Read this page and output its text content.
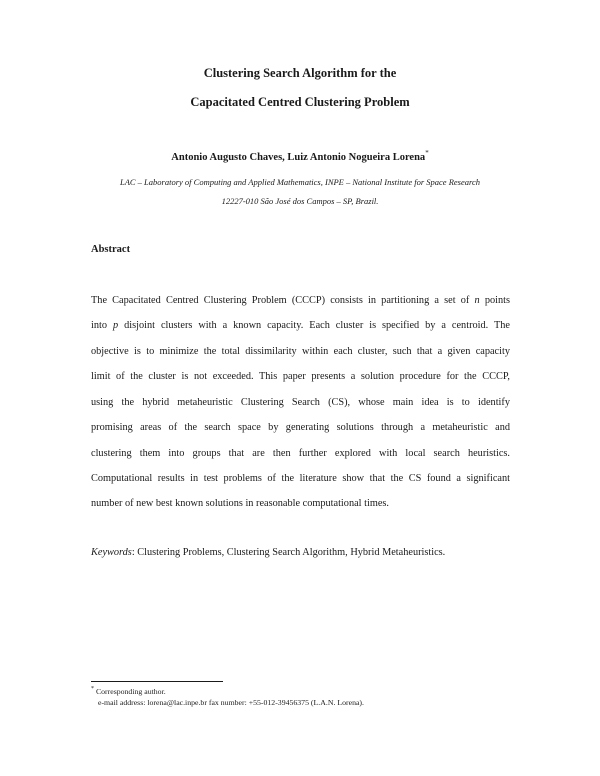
Clustering Search Algorithm for the
Capacitated Centred Clustering Problem
Antonio Augusto Chaves, Luiz Antonio Nogueira Lorena*
LAC – Laboratory of Computing and Applied Mathematics, INPE – National Institute for Space Research
12227-010 São José dos Campos – SP, Brazil.
Abstract
The Capacitated Centred Clustering Problem (CCCP) consists in partitioning a set of n points
into p disjoint clusters with a known capacity. Each cluster is specified by a centroid. The
objective is to minimize the total dissimilarity within each cluster, such that a given capacity
limit of the cluster is not exceeded. This paper presents a solution procedure for the CCCP,
using the hybrid metaheuristic Clustering Search (CS), whose main idea is to identify
promising areas of the search space by generating solutions through a metaheuristic and
clustering them into groups that are then further explored with local search heuristics.
Computational results in test problems of the literature show that the CS found a significant
number of new best known solutions in reasonable computational times.
Keywords: Clustering Problems, Clustering Search Algorithm, Hybrid Metaheuristics.
* Corresponding author.
e-mail address: lorena@lac.inpe.br fax number: +55-012-39456375 (L.A.N. Lorena).
